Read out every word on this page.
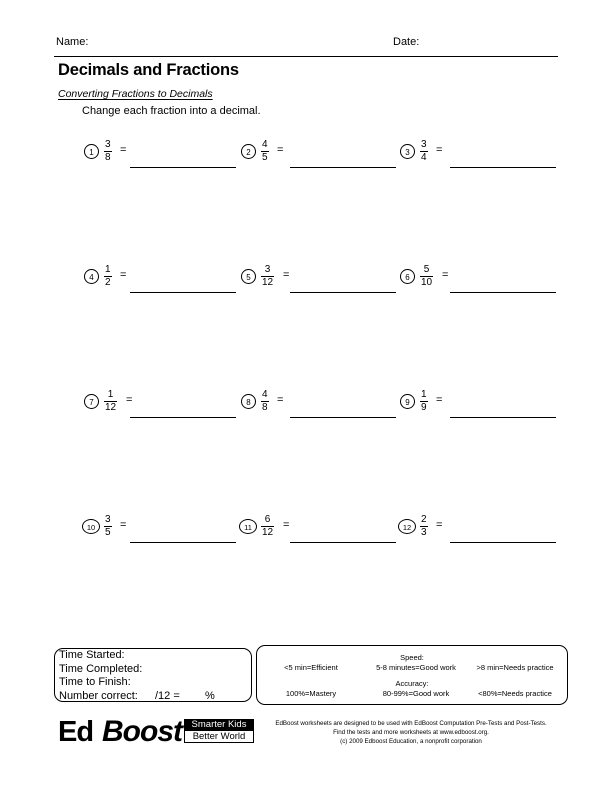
Name:	Date:
Decimals and Fractions
Converting Fractions to Decimals
Change each fraction into a decimal.
1
3
8
=	2
4
5
=	3
3
4
=
4
1
2
=	5
3
12
=	6
5
10
=
7
1
12
=	8
4
8
=	9
1
9
=
10
3
5
=	11
6
12
=	12
2
3
=
Time Started:
Time Completed:
Time to Finish:
Number correct: /12 = %
Speed:
<5 min=Efficient	5-8 minutes=Good work	>8 min=Needs practice
Accuracy:
100%=Mastery	80-99%=Good work	<80%=Needs practice
Ed Boost	Smarter Kids
Better World
EdBoost worksheets are designed to be used with EdBoost Computation Pre-Tests and Post-Tests.
Find the tests and more worksheets at www.edboost.org.
(c) 2009 Edboost Education, a nonprofit corporation
